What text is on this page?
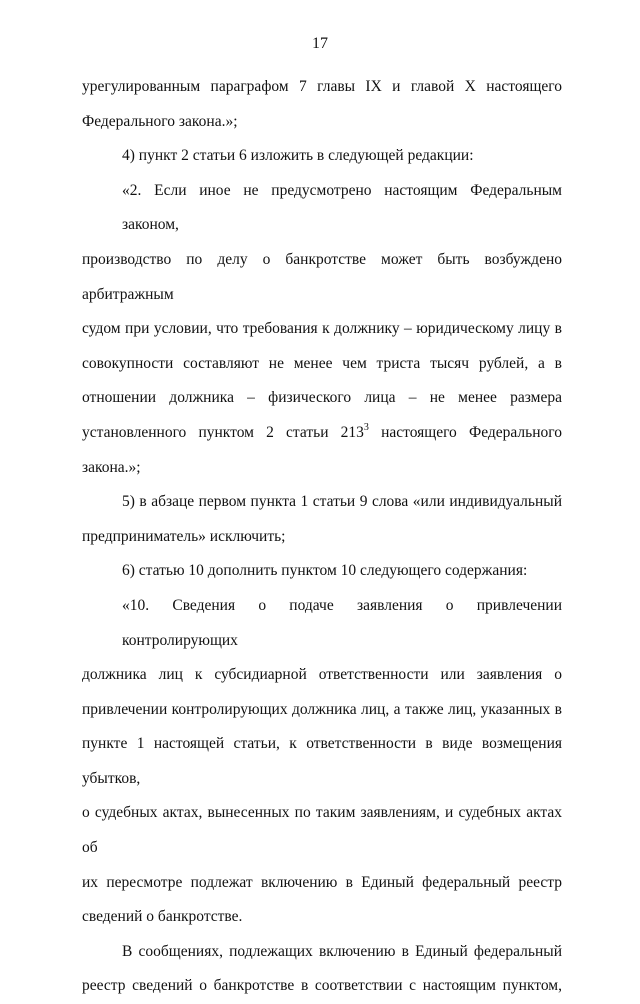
17
урегулированным параграфом 7 главы IX и главой X настоящего
Федерального закона.»;
4) пункт 2 статьи 6 изложить в следующей редакции:
«2. Если иное не предусмотрено настоящим Федеральным законом,
производство по делу о банкротстве может быть возбуждено арбитражным
судом при условии, что требования к должнику – юридическому лицу в
совокупности составляют не менее чем триста тысяч рублей, а в
отношении должника – физического лица – не менее размера
установленного пунктом 2 статьи $213^3$ настоящего Федерального закона.»;
5) в абзаце первом пункта 1 статьи 9 слова «или индивидуальный
предприниматель» исключить;
6) статью 10 дополнить пунктом 10 следующего содержания:
«10. Сведения о подаче заявления о привлечении контролирующих
должника лиц к субсидиарной ответственности или заявления о
привлечении контролирующих должника лиц, а также лиц, указанных в
пункте 1 настоящей статьи, к ответственности в виде возмещения убытков,
о судебных актах, вынесенных по таким заявлениям, и судебных актах об
их пересмотре подлежат включению в Единый федеральный реестр
сведений о банкротстве.
В сообщениях, подлежащих включению в Единый федеральный
реестр сведений о банкротстве в соответствии с настоящим пунктом,
